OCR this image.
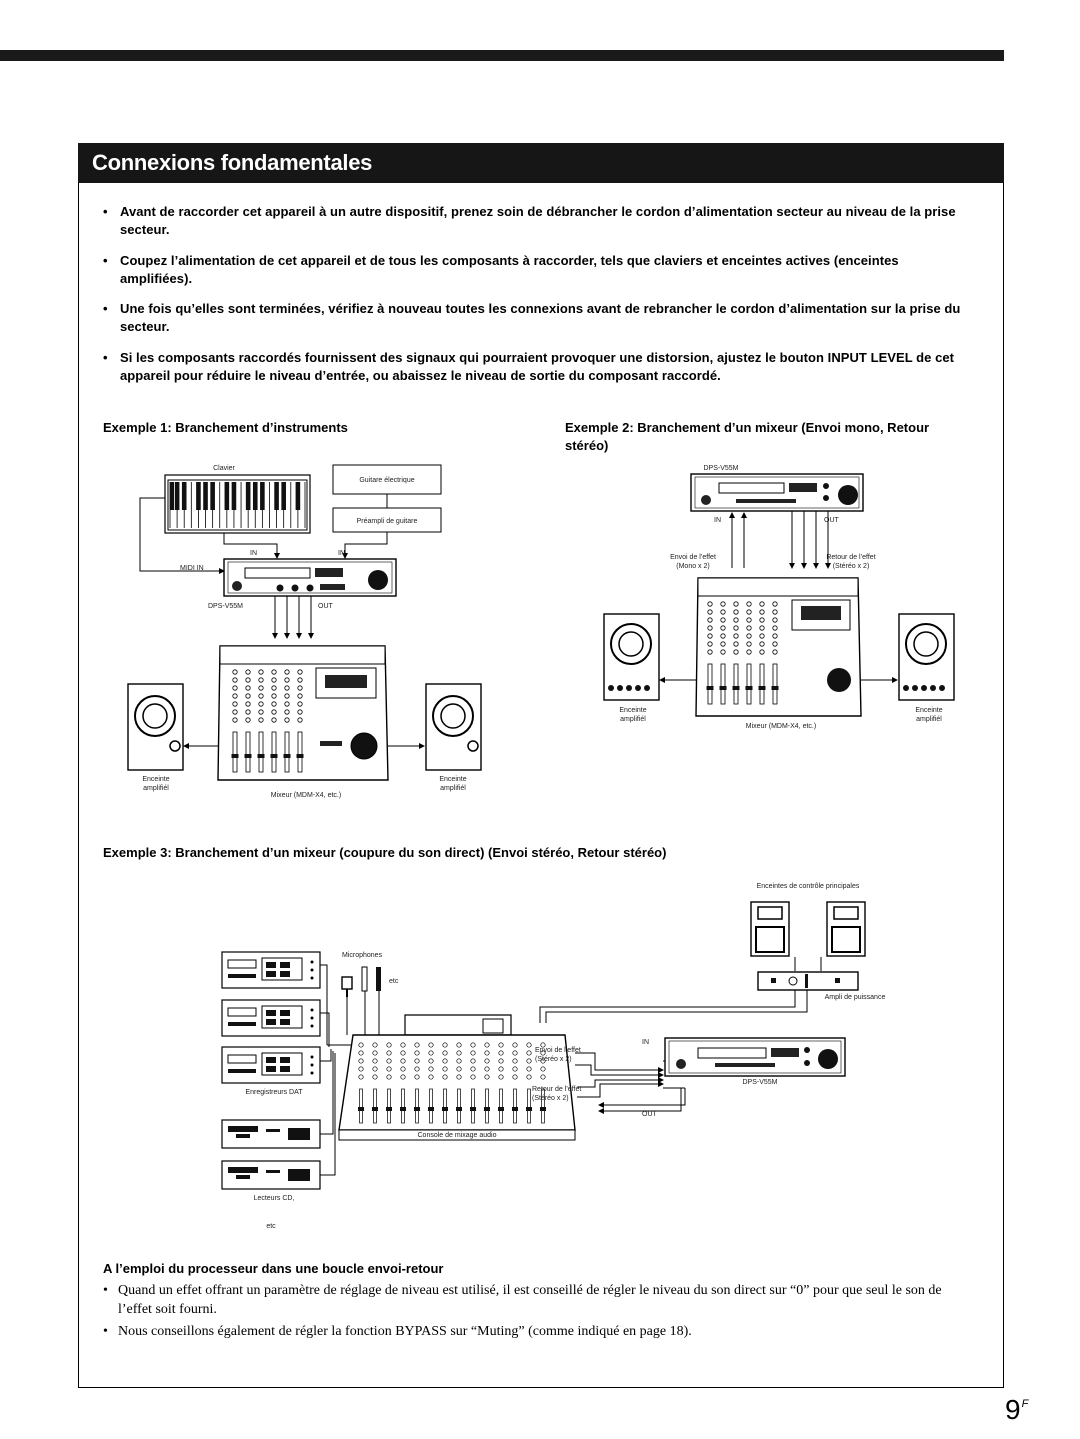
Connexions fondamentales
• Avant de raccorder cet appareil à un autre dispositif, prenez soin de débrancher le cordon d’alimentation secteur au niveau de la prise secteur.
• Coupez l’alimentation de cet appareil et de tous les composants à raccorder, tels que claviers et enceintes actives (enceintes amplifiées).
• Une fois qu’elles sont terminées, vérifiez à nouveau toutes les connexions avant de rebrancher le cordon d’alimentation sur la prise du secteur.
• Si les composants raccordés fournissent des signaux qui pourraient provoquer une distorsion, ajustez le bouton INPUT LEVEL de cet appareil pour réduire le niveau d’entrée, ou abaissez le niveau de sortie du composant raccordé.
Exemple 1: Branchement d’instruments	Exemple 2: Branchement d’un mixeur (Envoi mono, Retour stéréo)
Clavier
MIDI IN
Guitare électrique
Préampli de guitare
IN	IN
DPS-V55M	OUT
Enceinte
amplifiél
Enceinte
amplifiél
Mixeur (MDM-X4, etc.)
DPS-V55M
IN	OUT
Envoi de l’effet
(Mono x 2)
Retour de l’effet
(Stéréo x 2)
Enceinte
amplifiél
Enceinte
amplifiél
Mixeur (MDM-X4, etc.)
Exemple 3: Branchement d’un mixeur (coupure du son direct) (Envoi stéréo, Retour stéréo)
Enceintes de contrôle principales
Ampli de puissance
Microphones
etc
Enregistreurs DAT
Lecteurs CD,
etc
Console de mixage audio
Envoi de l’effet
(Stéréo x 2)
Retour de l’effet
(Stéréo x 2)
IN
OUT
DPS-V55M
A l’emploi du processeur dans une boucle envoi-retour
• Quand un effet offrant un paramètre de réglage de niveau est utilisé, il est conseillé de régler le niveau du son direct sur “0” pour que seul le son de l’effet soit fourni.
• Nous conseillons également de régler la fonction BYPASS sur “Muting” (comme indiqué en page 18).
$9^F$
